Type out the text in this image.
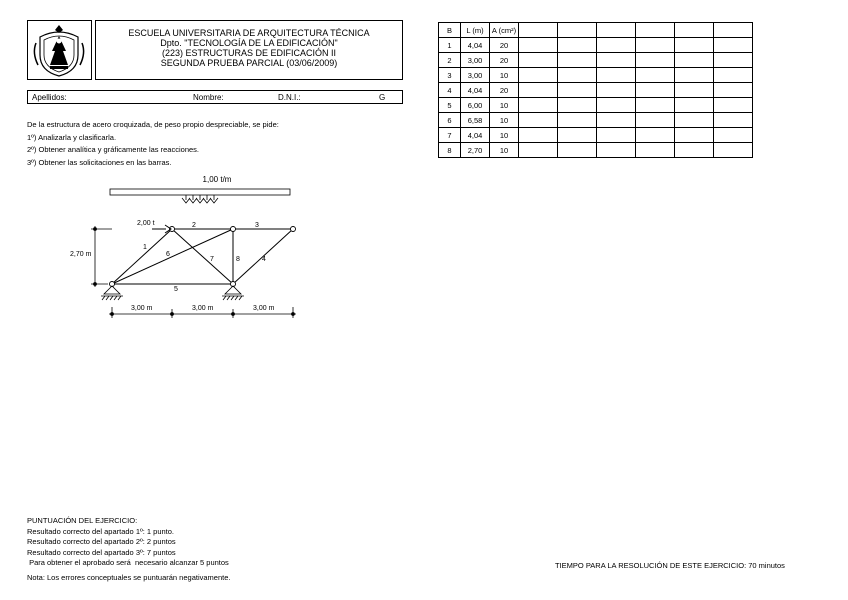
ESCUELA UNIVERSITARIA DE ARQUITECTURA TÉCNICA
Dpto. "TECNOLOGÍA DE LA EDIFICACIÓN"
(223) ESTRUCTURAS DE EDIFICACIÓN II
SEGUNDA PRUEBA PARCIAL (03/06/2009)
Apellidos:	Nombre:	D.N.I.:	G
De la estructura de acero croquizada, de peso propio despreciable, se pide:
1º) Analizarla y clasificarla.
2º) Obtener analítica y gráficamente las reacciones.
3º) Obtener las solicitaciones en las barras.
1,00 t/m
1
2	3
4
5
6
7	8
2,00 t
2,70 m
3,00 m	3,00 m	3,00 m
B	L (m)	A (cm²)						
1	4,04	20						
2	3,00	20						
3	3,00	10						
4	4,04	20						
5	6,00	10						
6	6,58	10						
7	4,04	10						
8	2,70	10						
PUNTUACIÓN DEL EJERCICIO:
Resultado correcto del apartado 1º: 1 punto.
Resultado correcto del apartado 2º: 2 puntos
Resultado correcto del apartado 3º: 7 puntos
Para obtener el aprobado será  necesario alcanzar 5 puntos
Nota: Los errores conceptuales se puntuarán negativamente.
TIEMPO PARA LA RESOLUCIÓN DE ESTE EJERCICIO: 70 minutos
